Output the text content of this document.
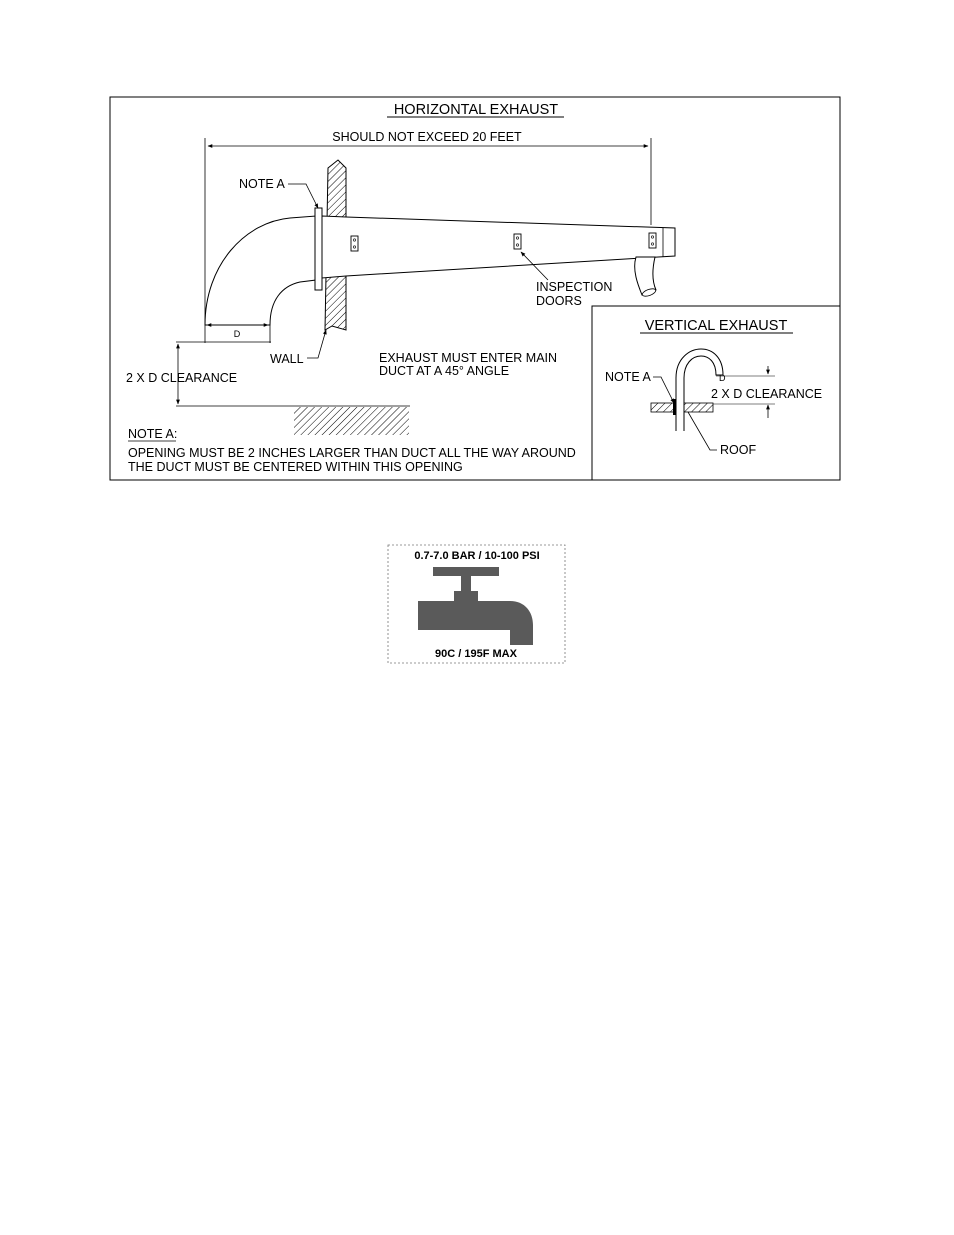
HORIZONTAL EXHAUST
SHOULD NOT EXCEED 20 FEET
NOTE A
WALL
INSPECTION
DOORS
D
2 X D CLEARANCE
EXHAUST MUST ENTER MAIN
DUCT AT A 45° ANGLE
NOTE A:
OPENING MUST BE 2 INCHES LARGER THAN DUCT ALL THE WAY AROUND
THE DUCT MUST BE CENTERED WITHIN THIS OPENING
VERTICAL EXHAUST
NOTE A
ROOF
D
2 X D CLEARANCE
0.7-7.0 BAR / 10-100 PSI
90C / 195F MAX
